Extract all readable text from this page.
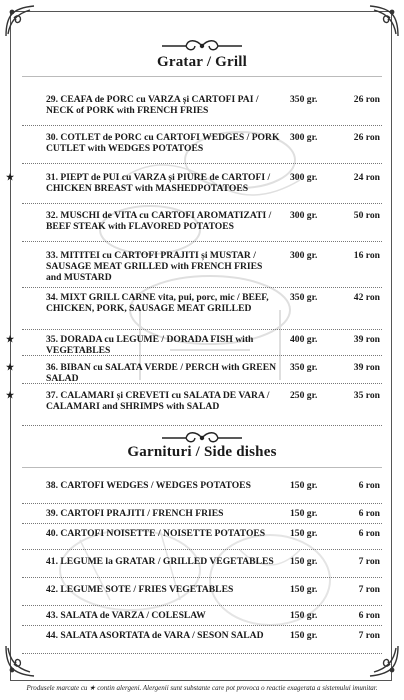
Gratar / Grill
29. CEAFA de PORC cu VARZA și CARTOFI PAI / NECK of PORK with FRENCH FRIES
350 gr.	26 ron
30. COTLET de PORC cu CARTOFI WEDGES / PORK CUTLET with WEDGES POTATOES
300 gr.	26 ron
★	31. PIEPT de PUI cu VARZA și PIURE de CARTOFI / CHICKEN BREAST with MASHEDPOTATOES
300 gr.	24 ron
32. MUSCHI de VITA cu CARTOFI AROMATIZATI / BEEF STEAK with FLAVORED POTATOES
300 gr.	50 ron
33. MITITEI cu CARTOFI PRAJITI și MUSTAR / SAUSAGE MEAT GRILLED with FRENCH FRIES and MUSTARD
300 gr.	16 ron
34. MIXT GRILL CARNE vita, pui, porc, mic / BEEF, CHICKEN, PORK, SAUSAGE MEAT GRILLED
350 gr.	42 ron
★	35. DORADA cu LEGUME / DORADA FISH with VEGETABLES
400 gr.	39 ron
★	36. BIBAN cu SALATA VERDE / PERCH with GREEN SALAD
350 gr.	39 ron
★	37. CALAMARI și CREVETI cu SALATA DE VARA / CALAMARI and SHRIMPS with SALAD
250 gr.	35 ron
Garnituri / Side dishes
38. CARTOFI WEDGES / WEDGES POTATOES	150 gr.	6 ron
39. CARTOFI PRAJITI / FRENCH FRIES	150 gr.	6 ron
40. CARTOFI NOISETTE / NOISETTE POTATOES	150 gr.	6 ron
41. LEGUME la GRATAR / GRILLED VEGETABLES	150 gr.	7 ron
42. LEGUME SOTE / FRIES VEGETABLES	150 gr.	7 ron
43. SALATA de VARZA / COLESLAW	150 gr.	6 ron
44. SALATA ASORTATA de VARA / SESON SALAD	150 gr.	7 ron
Produsele marcate cu ★ contin alergeni. Alergenii sunt substante care pot provoca o reactie exagerata a sistemului imunitar.
